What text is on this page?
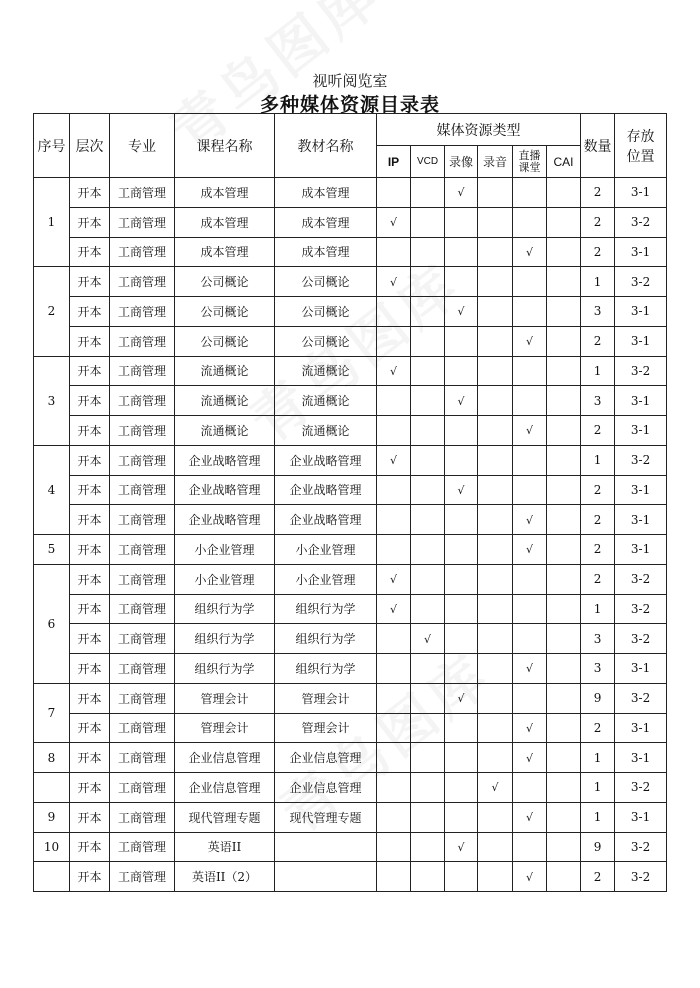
视听阅览室
多种媒体资源目录表
序号	层次	专业	课程名称	教材名称	媒体资源类型						数量	存放
位置

					IP	VCD	录像	录音	直播
课堂	CAI		
1	开本	工商管理	成本管理	成本管理			√				2	3-1
	开本	工商管理	成本管理	成本管理	√						2	3-2
	开本	工商管理	成本管理	成本管理					√		2	3-1
2	开本	工商管理	公司概论	公司概论	√						1	3-2
	开本	工商管理	公司概论	公司概论			√				3	3-1
	开本	工商管理	公司概论	公司概论					√		2	3-1
3	开本	工商管理	流通概论	流通概论	√						1	3-2
	开本	工商管理	流通概论	流通概论			√				3	3-1
	开本	工商管理	流通概论	流通概论					√		2	3-1
4	开本	工商管理	企业战略管理	企业战略管理	√						1	3-2
	开本	工商管理	企业战略管理	企业战略管理			√				2	3-1
	开本	工商管理	企业战略管理	企业战略管理					√		2	3-1
5	开本	工商管理	小企业管理	小企业管理					√		2	3-1
6	开本	工商管理	小企业管理	小企业管理	√						2	3-2
	开本	工商管理	组织行为学	组织行为学	√						1	3-2
	开本	工商管理	组织行为学	组织行为学		√					3	3-2
	开本	工商管理	组织行为学	组织行为学					√		3	3-1
7	开本	工商管理	管理会计	管理会计			√				9	3-2
	开本	工商管理	管理会计	管理会计					√		2	3-1
8	开本	工商管理	企业信息管理	企业信息管理					√		1	3-1
	开本	工商管理	企业信息管理	企业信息管理				√			1	3-2
9	开本	工商管理	现代管理专题	现代管理专题					√		1	3-1
10	开本	工商管理	英语II				√				9	3-2
	开本	工商管理	英语II（2）						√		2	3-2
